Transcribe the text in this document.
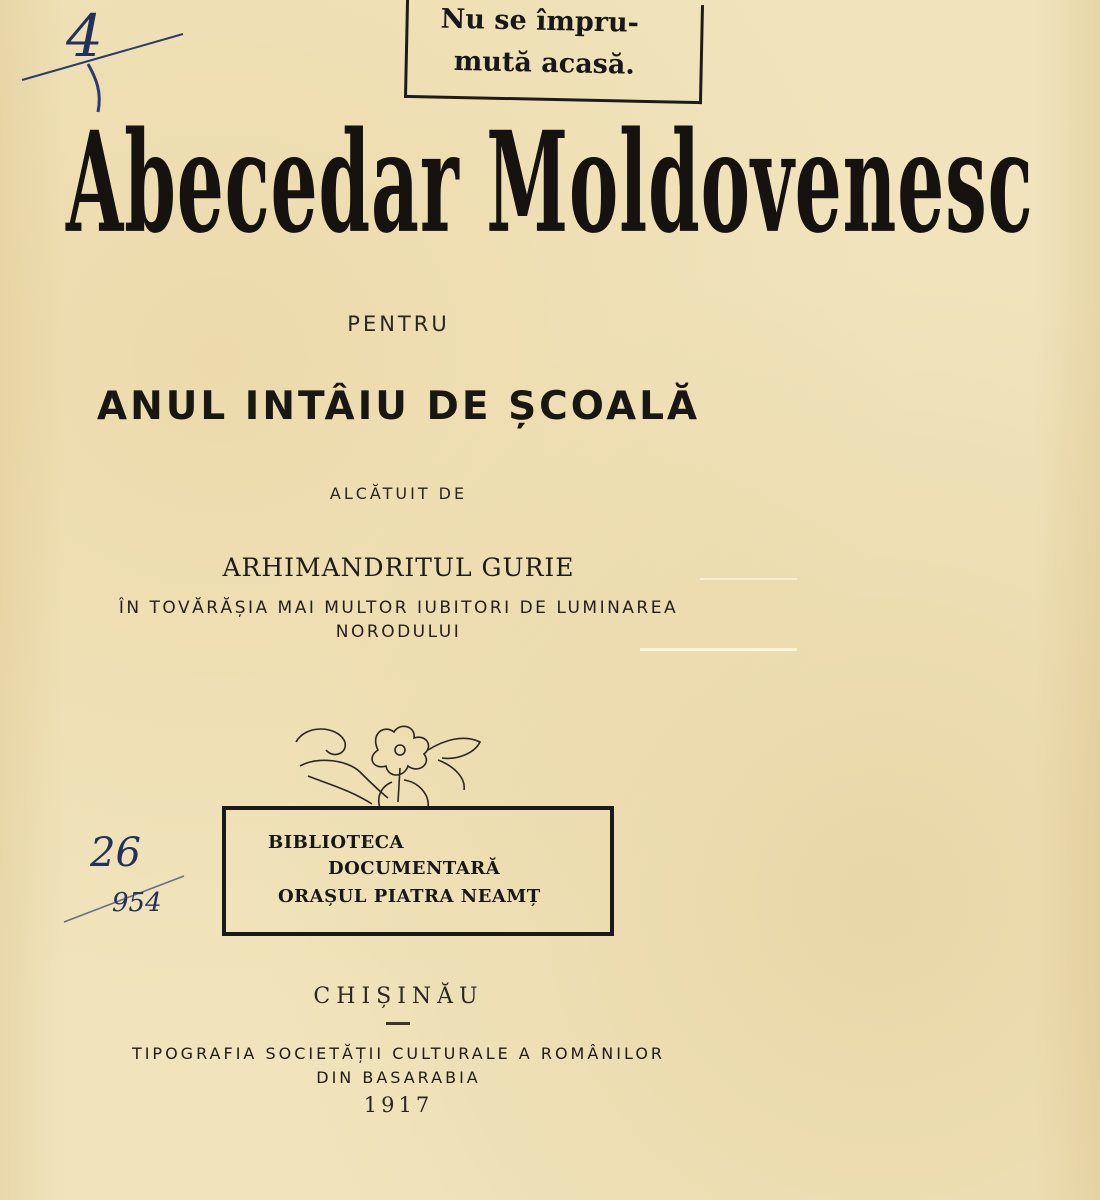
Nu se împru-
mută acasă.
4
Abecedar Moldovenesc
PENTRU
ANUL INTÂIU DE ȘCOALĂ
ALCĂTUIT DE
ARHIMANDRITUL GURIE
ÎN TOVĂRĂȘIA MAI MULTOR IUBITORI DE LUMINAREA
NORODULUI
BIBLIOTECA
DOCUMENTARĂ
ORAȘUL PIATRA NEAMȚ
26
954
CHIȘINĂU
TIPOGRAFIA SOCIETĂȚII CULTURALE A ROMÂNILOR
DIN BASARABIA
1917
